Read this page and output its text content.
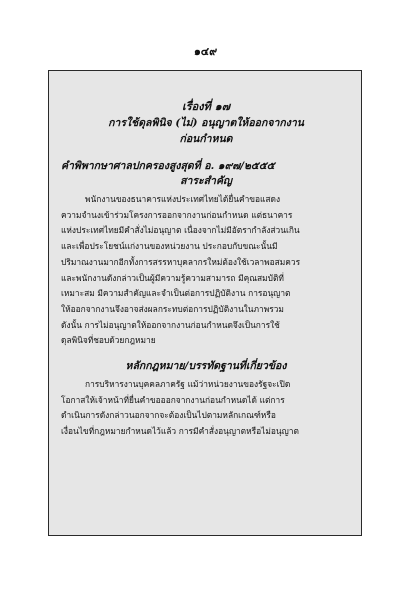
๑๔๙
เรื่องที่ ๑๗
การใช้ดุลพินิจ (ไม่) อนุญาตให้ออกจากงาน
ก่อนกำหนด
คำพิพากษาศาลปกครองสูงสุดที่ อ. ๑๙๗/๒๕๕๕
สาระสำคัญ

พนักงานของธนาคารแห่งประเทศไทยได้ยื่นคำขอแสดง
ความจำนงเข้าร่วมโครงการออกจากงานก่อนกำหนด แต่ธนาคาร
แห่งประเทศไทยมีคำสั่งไม่อนุญาต เนื่องจากไม่มีอัตรากำลังส่วนเกิน
และเพื่อประโยชน์แก่งานของหน่วยงาน ประกอบกับขณะนั้นมี
ปริมาณงานมากอีกทั้งการสรรหาบุคลากรใหม่ต้องใช้เวลาพอสมควร
และพนักงานดังกล่าวเป็นผู้มีความรู้ความสามารถ มีคุณสมบัติที่
เหมาะสม มีความสำคัญและจำเป็นต่อการปฏิบัติงาน การอนุญาต
ให้ออกจากงานจึงอาจส่งผลกระทบต่อการปฏิบัติงานในภาพรวม
ดังนั้น การไม่อนุญาตให้ออกจากงานก่อนกำหนดจึงเป็นการใช้
ดุลพินิจที่ชอบด้วยกฎหมาย

หลักกฎหมาย/บรรทัดฐานที่เกี่ยวข้อง

การบริหารงานบุคคลภาครัฐ แม้ว่าหน่วยงานของรัฐจะเปิด
โอกาสให้เจ้าหน้าที่ยื่นคำขอออกจากงานก่อนกำหนดได้ แต่การ
ดำเนินการดังกล่าวนอกจากจะต้องเป็นไปตามหลักเกณฑ์หรือ
เงื่อนไขที่กฎหมายกำหนดไว้แล้ว การมีคำสั่งอนุญาตหรือไม่อนุญาต
